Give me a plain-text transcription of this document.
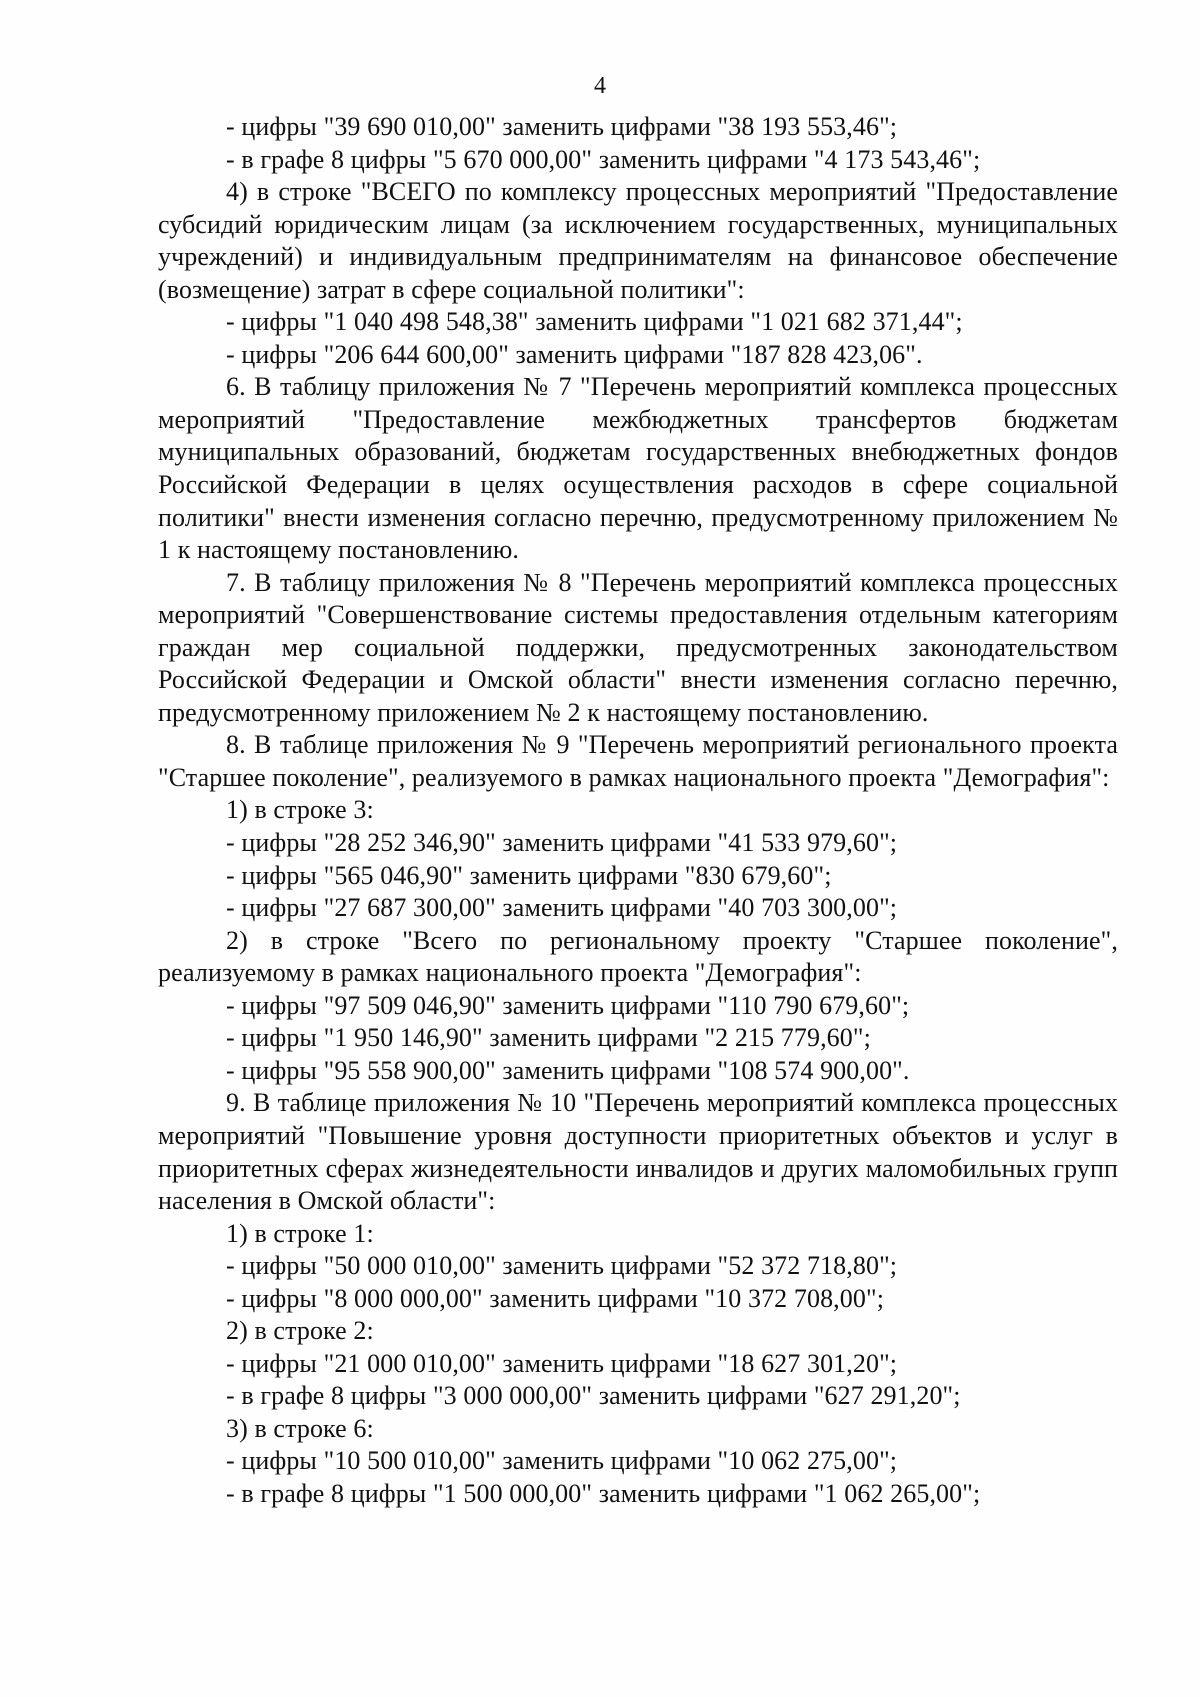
4

- цифры "39 690 010,00" заменить цифрами "38 193 553,46";

- в графе 8 цифры "5 670 000,00" заменить цифрами "4 173 543,46";

4) в строке "ВСЕГО по комплексу процессных мероприятий "Предоставление субсидий юридическим лицам (за исключением государственных, муниципальных учреждений) и индивидуальным предпринимателям на финансовое обеспечение (возмещение) затрат в сфере социальной политики":

- цифры "1 040 498 548,38" заменить цифрами "1 021 682 371,44";

- цифры "206 644 600,00" заменить цифрами "187 828 423,06".

6. В таблицу приложения № 7 "Перечень мероприятий комплекса процессных мероприятий "Предоставление межбюджетных трансфертов бюджетам муниципальных образований, бюджетам государственных внебюджетных фондов Российской Федерации в целях осуществления расходов в сфере социальной политики" внести изменения согласно перечню, предусмотренному приложением № 1 к настоящему постановлению.

7. В таблицу приложения № 8 "Перечень мероприятий комплекса процессных мероприятий "Совершенствование системы предоставления отдельным категориям граждан мер социальной поддержки, предусмотренных законодательством Российской Федерации и Омской области" внести изменения согласно перечню, предусмотренному приложением № 2 к настоящему постановлению.

8. В таблице приложения № 9 "Перечень мероприятий регионального проекта "Старшее поколение", реализуемого в рамках национального проекта "Демография":

1) в строке 3:

- цифры "28 252 346,90" заменить цифрами "41 533 979,60";

- цифры "565 046,90" заменить цифрами "830 679,60";

- цифры "27 687 300,00" заменить цифрами "40 703 300,00";

2) в строке "Всего по региональному проекту "Старшее поколение", реализуемому в рамках национального проекта "Демография":

- цифры "97 509 046,90" заменить цифрами "110 790 679,60";

- цифры "1 950 146,90" заменить цифрами "2 215 779,60";

- цифры "95 558 900,00" заменить цифрами "108 574 900,00".

9. В таблице приложения № 10 "Перечень мероприятий комплекса процессных мероприятий "Повышение уровня доступности приоритетных объектов и услуг в приоритетных сферах жизнедеятельности инвалидов и других маломобильных групп населения в Омской области":

1) в строке 1:

- цифры "50 000 010,00" заменить цифрами "52 372 718,80";

- цифры "8 000 000,00" заменить цифрами "10 372 708,00";

2) в строке 2:

- цифры "21 000 010,00" заменить цифрами "18 627 301,20";

- в графе 8 цифры "3 000 000,00" заменить цифрами "627 291,20";

3) в строке 6:

- цифры "10 500 010,00" заменить цифрами "10 062 275,00";

- в графе 8 цифры "1 500 000,00" заменить цифрами "1 062 265,00";
